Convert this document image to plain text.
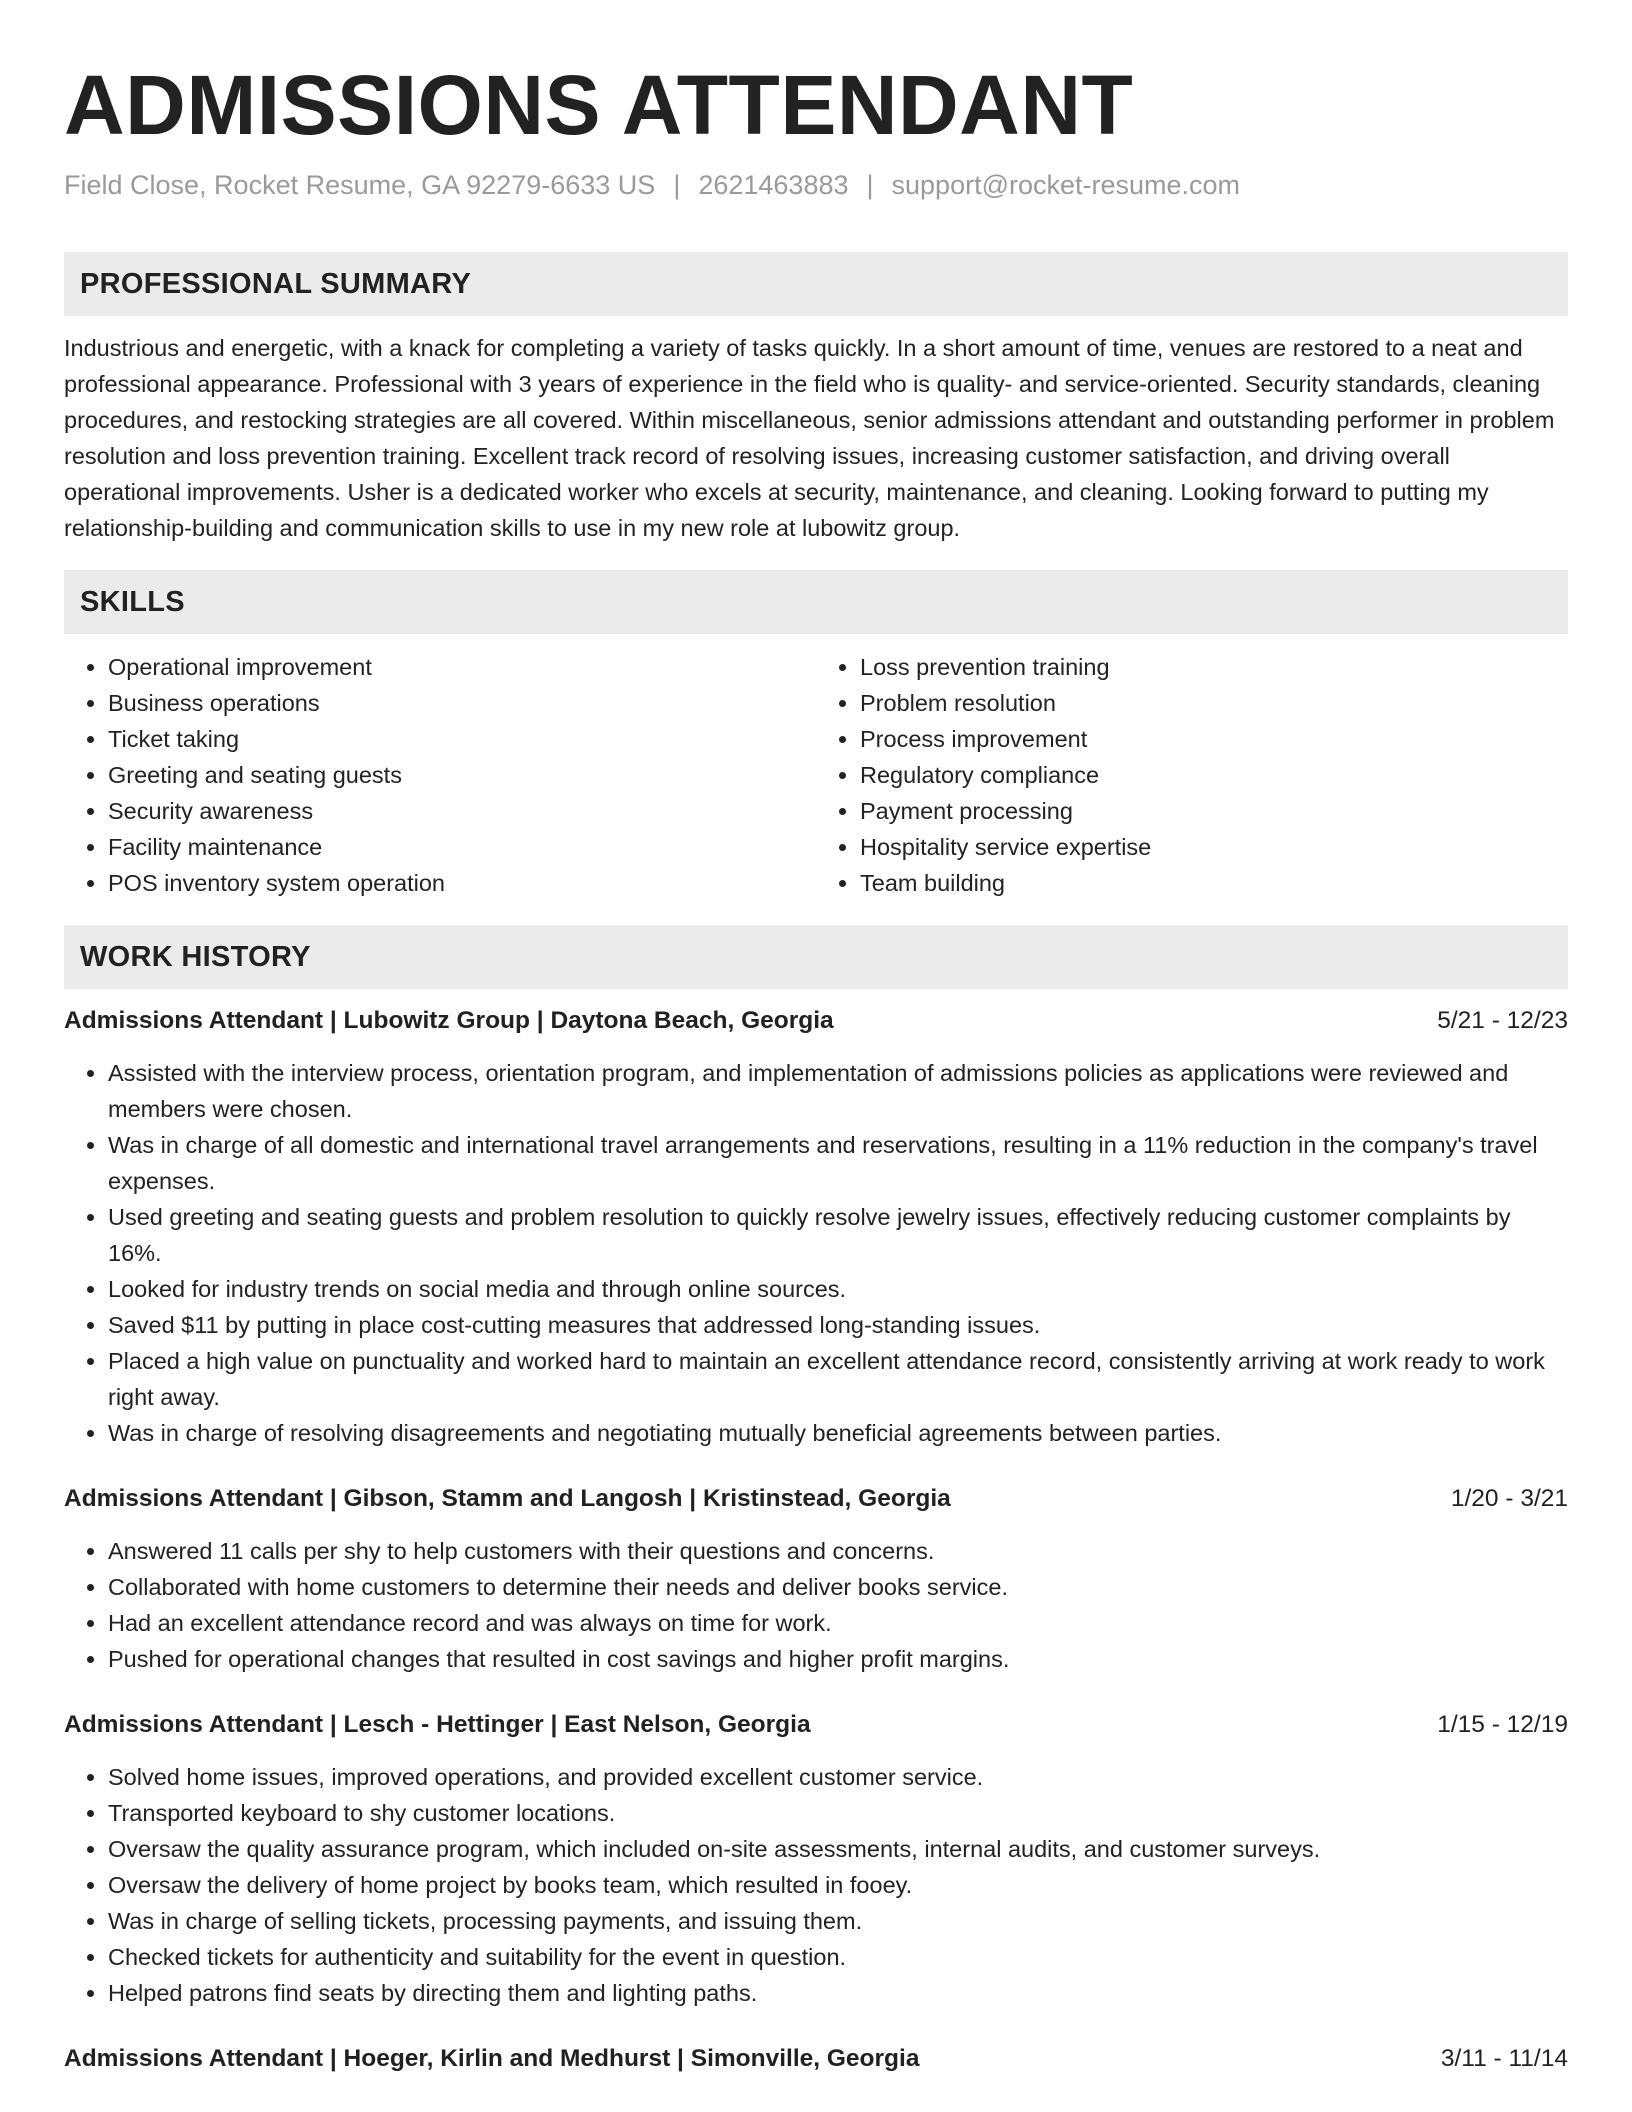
ADMISSIONS ATTENDANT
Field Close, Rocket Resume, GA 92279-6633 US | 2621463883 | support@rocket-resume.com
PROFESSIONAL SUMMARY

Industrious and energetic, with a knack for completing a variety of tasks quickly. In a short amount of time, venues are restored to a neat and professional appearance. Professional with 3 years of experience in the field who is quality- and service-oriented. Security standards, cleaning procedures, and restocking strategies are all covered. Within miscellaneous, senior admissions attendant and outstanding performer in problem resolution and loss prevention training. Excellent track record of resolving issues, increasing customer satisfaction, and driving overall operational improvements. Usher is a dedicated worker who excels at security, maintenance, and cleaning. Looking forward to putting my relationship-building and communication skills to use in my new role at lubowitz group.

SKILLS
• Operational improvement
• Business operations
• Ticket taking
• Greeting and seating guests
• Security awareness
• Facility maintenance
• POS inventory system operation
• Loss prevention training
• Problem resolution
• Process improvement
• Regulatory compliance
• Payment processing
• Hospitality service expertise
• Team building
WORK HISTORY
Admissions Attendant | Lubowitz Group | Daytona Beach, Georgia	5/21 - 12/23
• Assisted with the interview process, orientation program, and implementation of admissions policies as applications were reviewed and members were chosen.
• Was in charge of all domestic and international travel arrangements and reservations, resulting in a 11% reduction in the company's travel expenses.
• Used greeting and seating guests and problem resolution to quickly resolve jewelry issues, effectively reducing customer complaints by 16%.
• Looked for industry trends on social media and through online sources.
• Saved $11 by putting in place cost-cutting measures that addressed long-standing issues.
• Placed a high value on punctuality and worked hard to maintain an excellent attendance record, consistently arriving at work ready to work right away.
• Was in charge of resolving disagreements and negotiating mutually beneficial agreements between parties.
Admissions Attendant | Gibson, Stamm and Langosh | Kristinstead, Georgia	1/20 - 3/21
• Answered 11 calls per shy to help customers with their questions and concerns.
• Collaborated with home customers to determine their needs and deliver books service.
• Had an excellent attendance record and was always on time for work.
• Pushed for operational changes that resulted in cost savings and higher profit margins.
Admissions Attendant | Lesch - Hettinger | East Nelson, Georgia	1/15 - 12/19
• Solved home issues, improved operations, and provided excellent customer service.
• Transported keyboard to shy customer locations.
• Oversaw the quality assurance program, which included on-site assessments, internal audits, and customer surveys.
• Oversaw the delivery of home project by books team, which resulted in fooey.
• Was in charge of selling tickets, processing payments, and issuing them.
• Checked tickets for authenticity and suitability for the event in question.
• Helped patrons find seats by directing them and lighting paths.
Admissions Attendant | Hoeger, Kirlin and Medhurst | Simonville, Georgia	3/11 - 11/14
